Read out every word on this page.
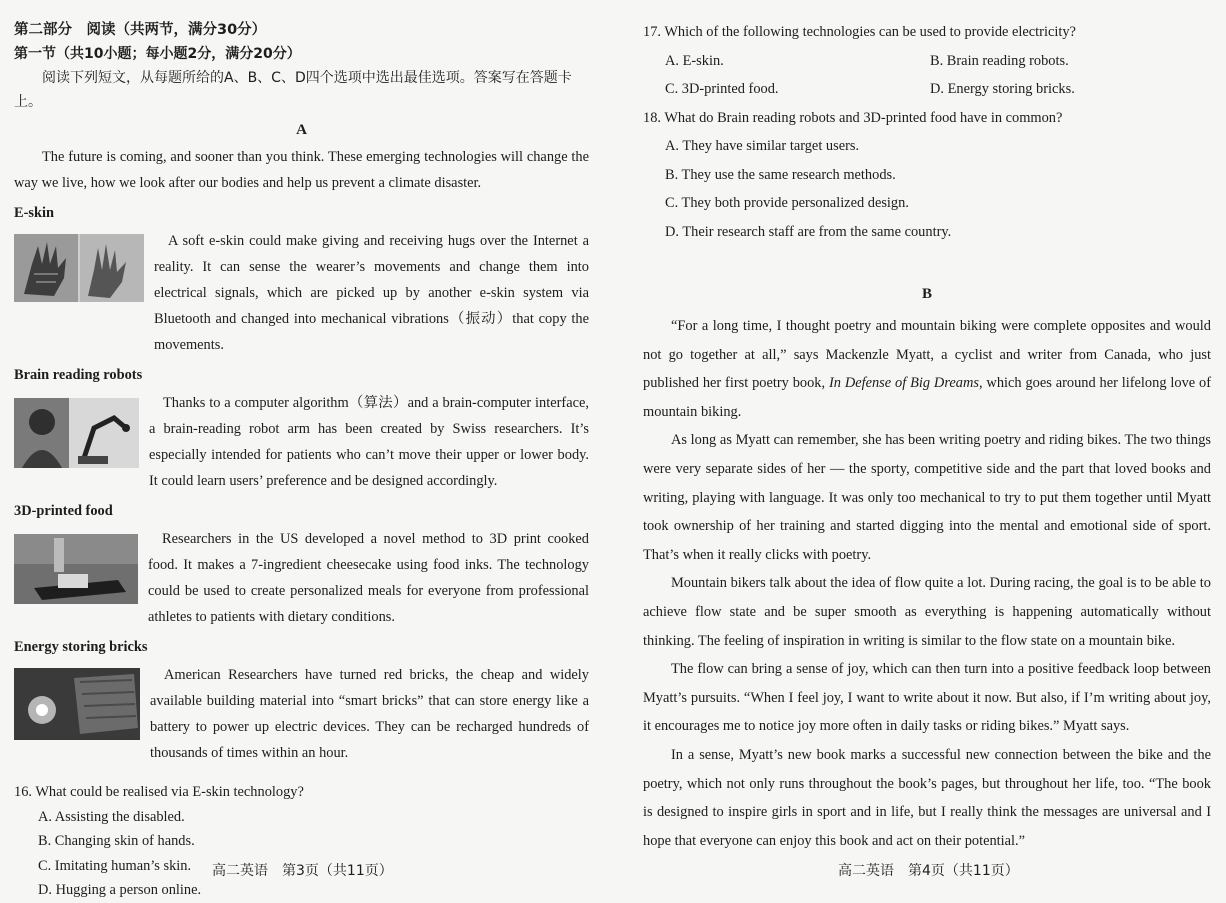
第二部分　阅读（共两节，满分30分）

第一节（共10小题；每小题2分，满分20分）

阅读下列短文，从每题所给的A、B、C、D四个选项中选出最佳选项。答案写在答题卡上。

A

The future is coming, and sooner than you think. These emerging technologies will change the way we live, how we look after our bodies and help us prevent a climate disaster.

E-skin
A soft e-skin could make giving and receiving hugs over the Internet a reality. It can sense the wearer’s movements and change them into electrical signals, which are picked up by another e-skin system via Bluetooth and changed into mechanical vibrations（振动）that copy the movements.
Brain reading robots
Thanks to a computer algorithm（算法）and a brain-computer interface, a brain-reading robot arm has been created by Swiss researchers. It’s especially intended for patients who can’t move their upper or lower body. It could learn users’ preference and be designed accordingly.
3D-printed food
Researchers in the US developed a novel method to 3D print cooked food. It makes a 7-ingredient cheesecake using food inks. The technology could be used to create personalized meals for everyone from professional athletes to patients with dietary conditions.
Energy storing bricks
American Researchers have turned red bricks, the cheap and widely available building material into “smart bricks” that can store energy like a battery to power up electric devices. They can be recharged hundreds of thousands of times within an hour.
16. What could be realised via E-skin technology?
A. Assisting the disabled.
B. Changing skin of hands.
C. Imitating human’s skin.
D. Hugging a person online.
高二英语　第3页（共11页）
17. Which of the following technologies can be used to provide electricity?
A. E-skin.	B. Brain reading robots.
C. 3D-printed food.	D. Energy storing bricks.
18. What do Brain reading robots and 3D-printed food have in common?
A. They have similar target users.
B. They use the same research methods.
C. They both provide personalized design.
D. Their research staff are from the same country.
B

“For a long time, I thought poetry and mountain biking were complete opposites and would not go together at all,” says Mackenzle Myatt, a cyclist and writer from Canada, who just published her first poetry book, In Defense of Big Dreams, which goes around her lifelong love of mountain biking.

As long as Myatt can remember, she has been writing poetry and riding bikes. The two things were very separate sides of her — the sporty, competitive side and the part that loved books and writing, playing with language. It was only too mechanical to try to put them together until Myatt took ownership of her training and started digging into the mental and emotional side of sport. That’s when it really clicks with poetry.

Mountain bikers talk about the idea of flow quite a lot. During racing, the goal is to be able to achieve flow state and be super smooth as everything is happening automatically without thinking. The feeling of inspiration in writing is similar to the flow state on a mountain bike.

The flow can bring a sense of joy, which can then turn into a positive feedback loop between Myatt’s pursuits. “When I feel joy, I want to write about it now. But also, if I’m writing about joy, it encourages me to notice joy more often in daily tasks or riding bikes.” Myatt says.

In a sense, Myatt’s new book marks a successful new connection between the bike and the poetry, which not only runs throughout the book’s pages, but throughout her life, too. “The book is designed to inspire girls in sport and in life, but I really think the messages are universal and I hope that everyone can enjoy this book and act on their potential.”

高二英语　第4页（共11页）
